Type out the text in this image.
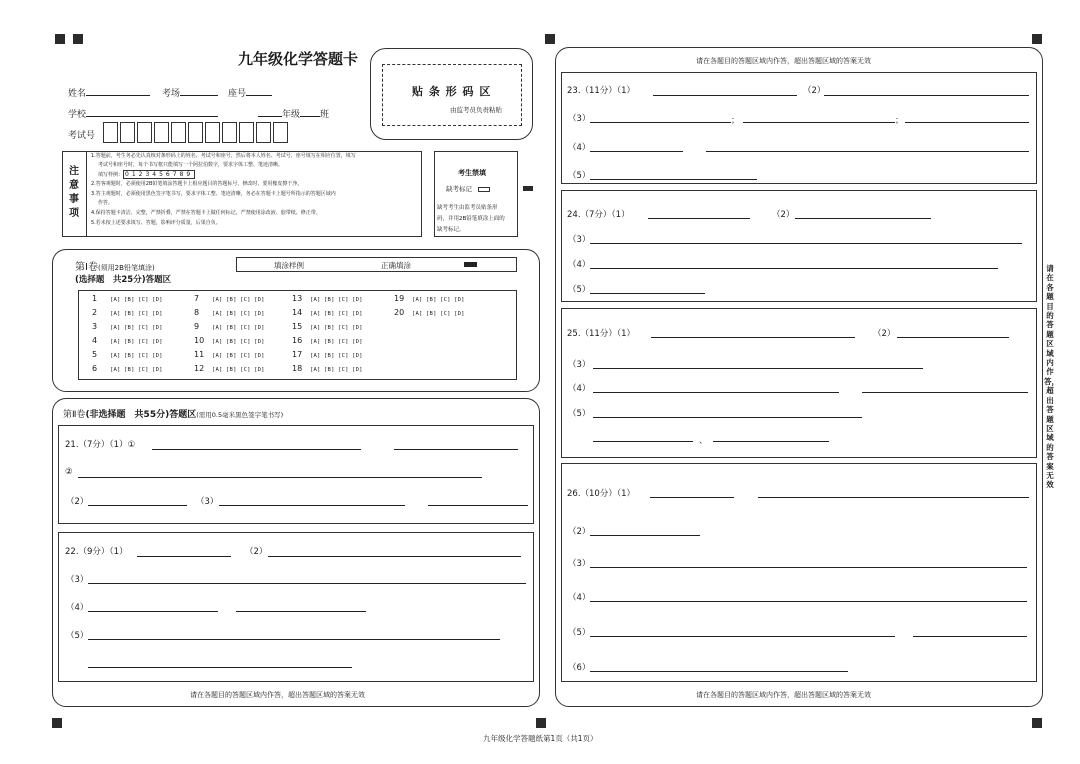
九年级化学答题卡
姓名	考场	座号
学校	年级 班
考试号
贴 条 形 码 区
由监考员负责粘贴
注意事项
1.答题前，考生务必先认真核对条形码上的姓名、考试号和座号，然后将本人姓名、考试号、座号填写在相应位置，填写
考试号和座号时，每个书写框只能填写一个阿拉伯数字，要求字体工整、笔迹清晰。
填写样例： 0123456789
2.答客观题时，必须使用2B铅笔填涂答题卡上相应题目的答题标号，修改时，要用橡皮擦干净。
3.答主观题时，必须使用黑色签字笔书写，要求字体工整、笔迹清晰，务必在答题卡上题号所指示的答题区域内
作答。
4.保持答题卡清洁、完整，严禁折叠，严禁在答题卡上做任何标记，严禁使用涂改液、胶带纸、修正带。
5.若未按上述要求填写、答题，影响评分质量，后果自负。
考生禁填
缺考标记
缺考考生由监考员贴条形
码，并用2B铅笔填涂上面的
缺考标记。
第Ⅰ卷(须用2B铅笔填涂)
(选择题　共25分)答题区
填涂样例	正确填涂
1 [A] [B] [C] [D]
2 [A] [B] [C] [D]
3 [A] [B] [C] [D]
4 [A] [B] [C] [D]
5 [A] [B] [C] [D]
6 [A] [B] [C] [D]
7 [A] [B] [C] [D]
8 [A] [B] [C] [D]
9 [A] [B] [C] [D]
10 [A] [B] [C] [D]
11 [A] [B] [C] [D]
12 [A] [B] [C] [D]
13 [A] [B] [C] [D]
14 [A] [B] [C] [D]
15 [A] [B] [C] [D]
16 [A] [B] [C] [D]
17 [A] [B] [C] [D]
18 [A] [B] [C] [D]
19 [A] [B] [C] [D]
20 [A] [B] [C] [D]
第Ⅱ卷(非选择题　共55分)答题区(需用0.5毫米黑色签字笔书写)
21.（7分）（1）①
②
（2）	（3）
22.（9分）（1）	（2）
（3）
（4）
（5）
请在各题目的答题区域内作答，超出答题区域的答案无效
请在各题目的答题区域内作答，超出答题区域的答案无效
23.（11分）（1）	（2）
（3）	；	；
（4）
（5）
24.（7分）（1）	（2）
（3）
（4）
（5）
25.（11分）（1）	（2）
（3）
（4）
（5）
、
26.（10分）（1）
（2）
（3）
（4）
（5）
（6）
请在各题目的答题区域内作答，超出答题区域的答案无效
请在各题目的答题区域内作答，超出答题区域的答案无效
九年级化学答题纸第1页（共1页）
